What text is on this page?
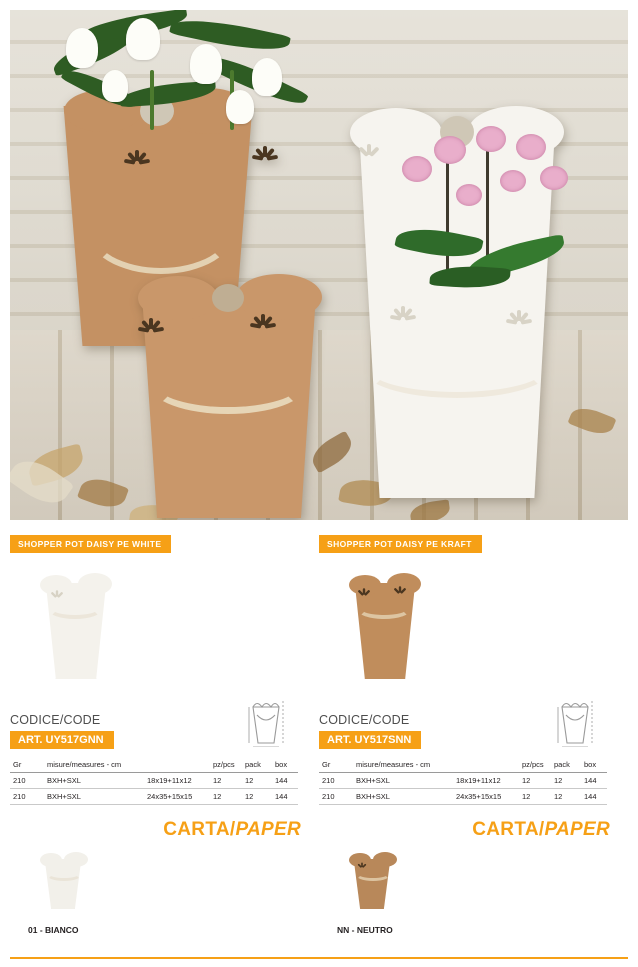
SHOPPER POT DAISY PE WHITE
CODICE/CODE
ART. UY517GNN
Gr	misure/measures - cm		pz/pcs	pack	box
210	BXH+SXL	18x19+11x12	12	12	144
210	BXH+SXL	24x35+15x15	12	12	144
CARTA/PAPER
01 - BIANCO
SHOPPER POT DAISY PE KRAFT
CODICE/CODE
ART. UY517SNN
Gr	misure/measures - cm		pz/pcs	pack	box
210	BXH+SXL	18x19+11x12	12	12	144
210	BXH+SXL	24x35+15x15	12	12	144
CARTA/PAPER
NN - NEUTRO
